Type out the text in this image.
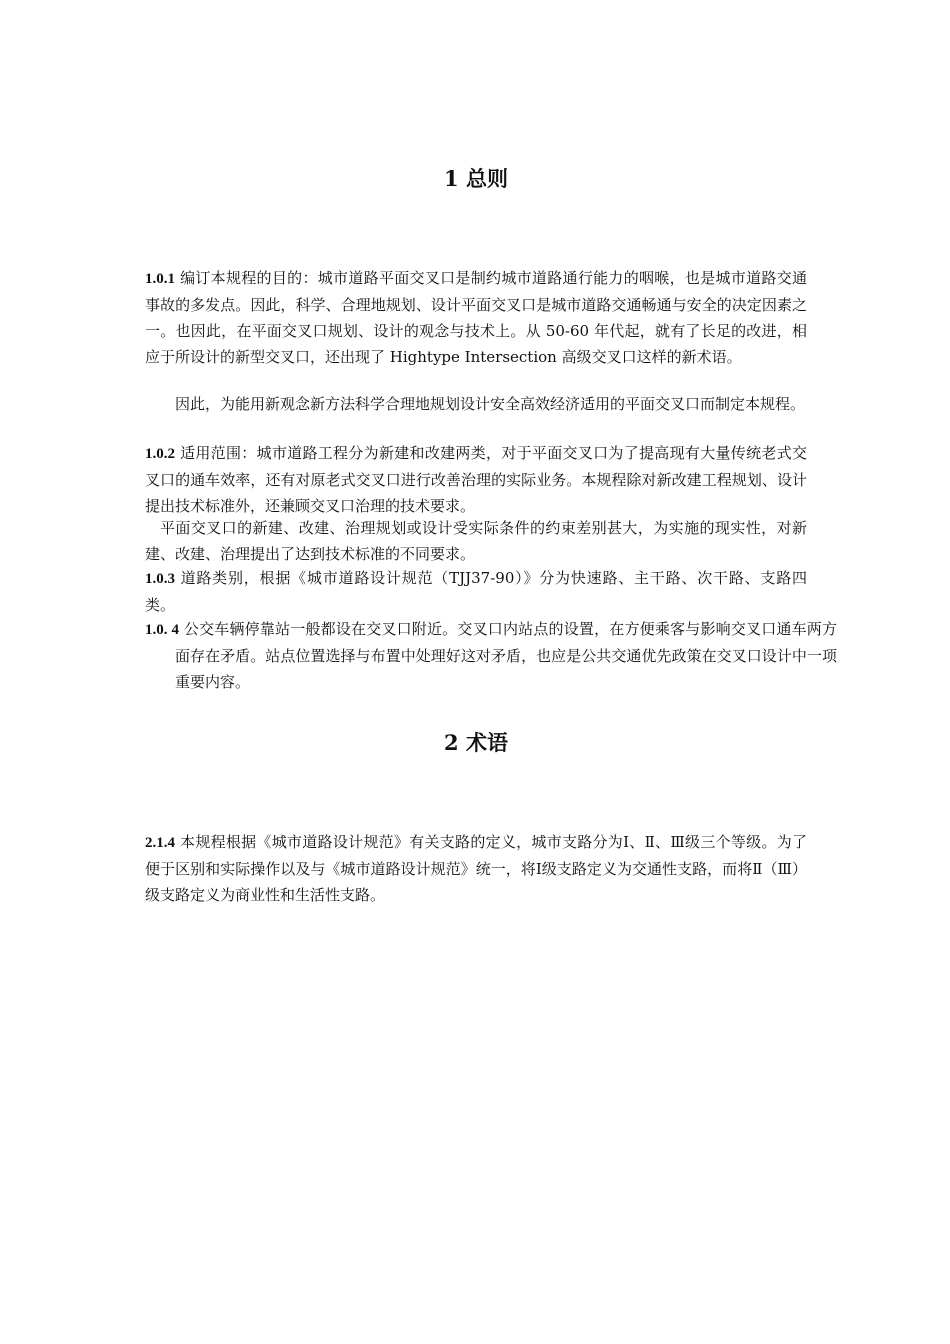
1 总则

1.0.1 编订本规程的目的：城市道路平面交叉口是制约城市道路通行能力的咽喉，也是城市道路交通事故的多发点。因此，科学、合理地规划、设计平面交叉口是城市道路交通畅通与安全的决定因素之一。也因此，在平面交叉口规划、设计的观念与技术上。从 50-60 年代起，就有了长足的改进，相应于所设计的新型交叉口，还出现了 Hightype Intersection 高级交叉口这样的新术语。

因此，为能用新观念新方法科学合理地规划设计安全高效经济适用的平面交叉口而制定本规程。

1.0.2 适用范围：城市道路工程分为新建和改建两类，对于平面交叉口为了提高现有大量传统老式交叉口的通车效率，还有对原老式交叉口进行改善治理的实际业务。本规程除对新改建工程规划、设计提出技术标准外，还兼顾交叉口治理的技术要求。

平面交叉口的新建、改建、治理规划或设计受实际条件的约束差别甚大，为实施的现实性，对新建、改建、治理提出了达到技术标准的不同要求。

1.0.3 道路类别，根据《城市道路设计规范（TJJ37-90）》分为快速路、主干路、次干路、支路四类。

1.0. 4 公交车辆停靠站一般都设在交叉口附近。交叉口内站点的设置，在方便乘客与影响交叉口通车两方面存在矛盾。站点位置选择与布置中处理好这对矛盾，也应是公共交通优先政策在交叉口设计中一项重要内容。

2 术语

2.1.4 本规程根据《城市道路设计规范》有关支路的定义，城市支路分为Ⅰ、Ⅱ、Ⅲ级三个等级。为了便于区别和实际操作以及与《城市道路设计规范》统一，将Ⅰ级支路定义为交通性支路，而将Ⅱ（Ⅲ）级支路定义为商业性和生活性支路。
